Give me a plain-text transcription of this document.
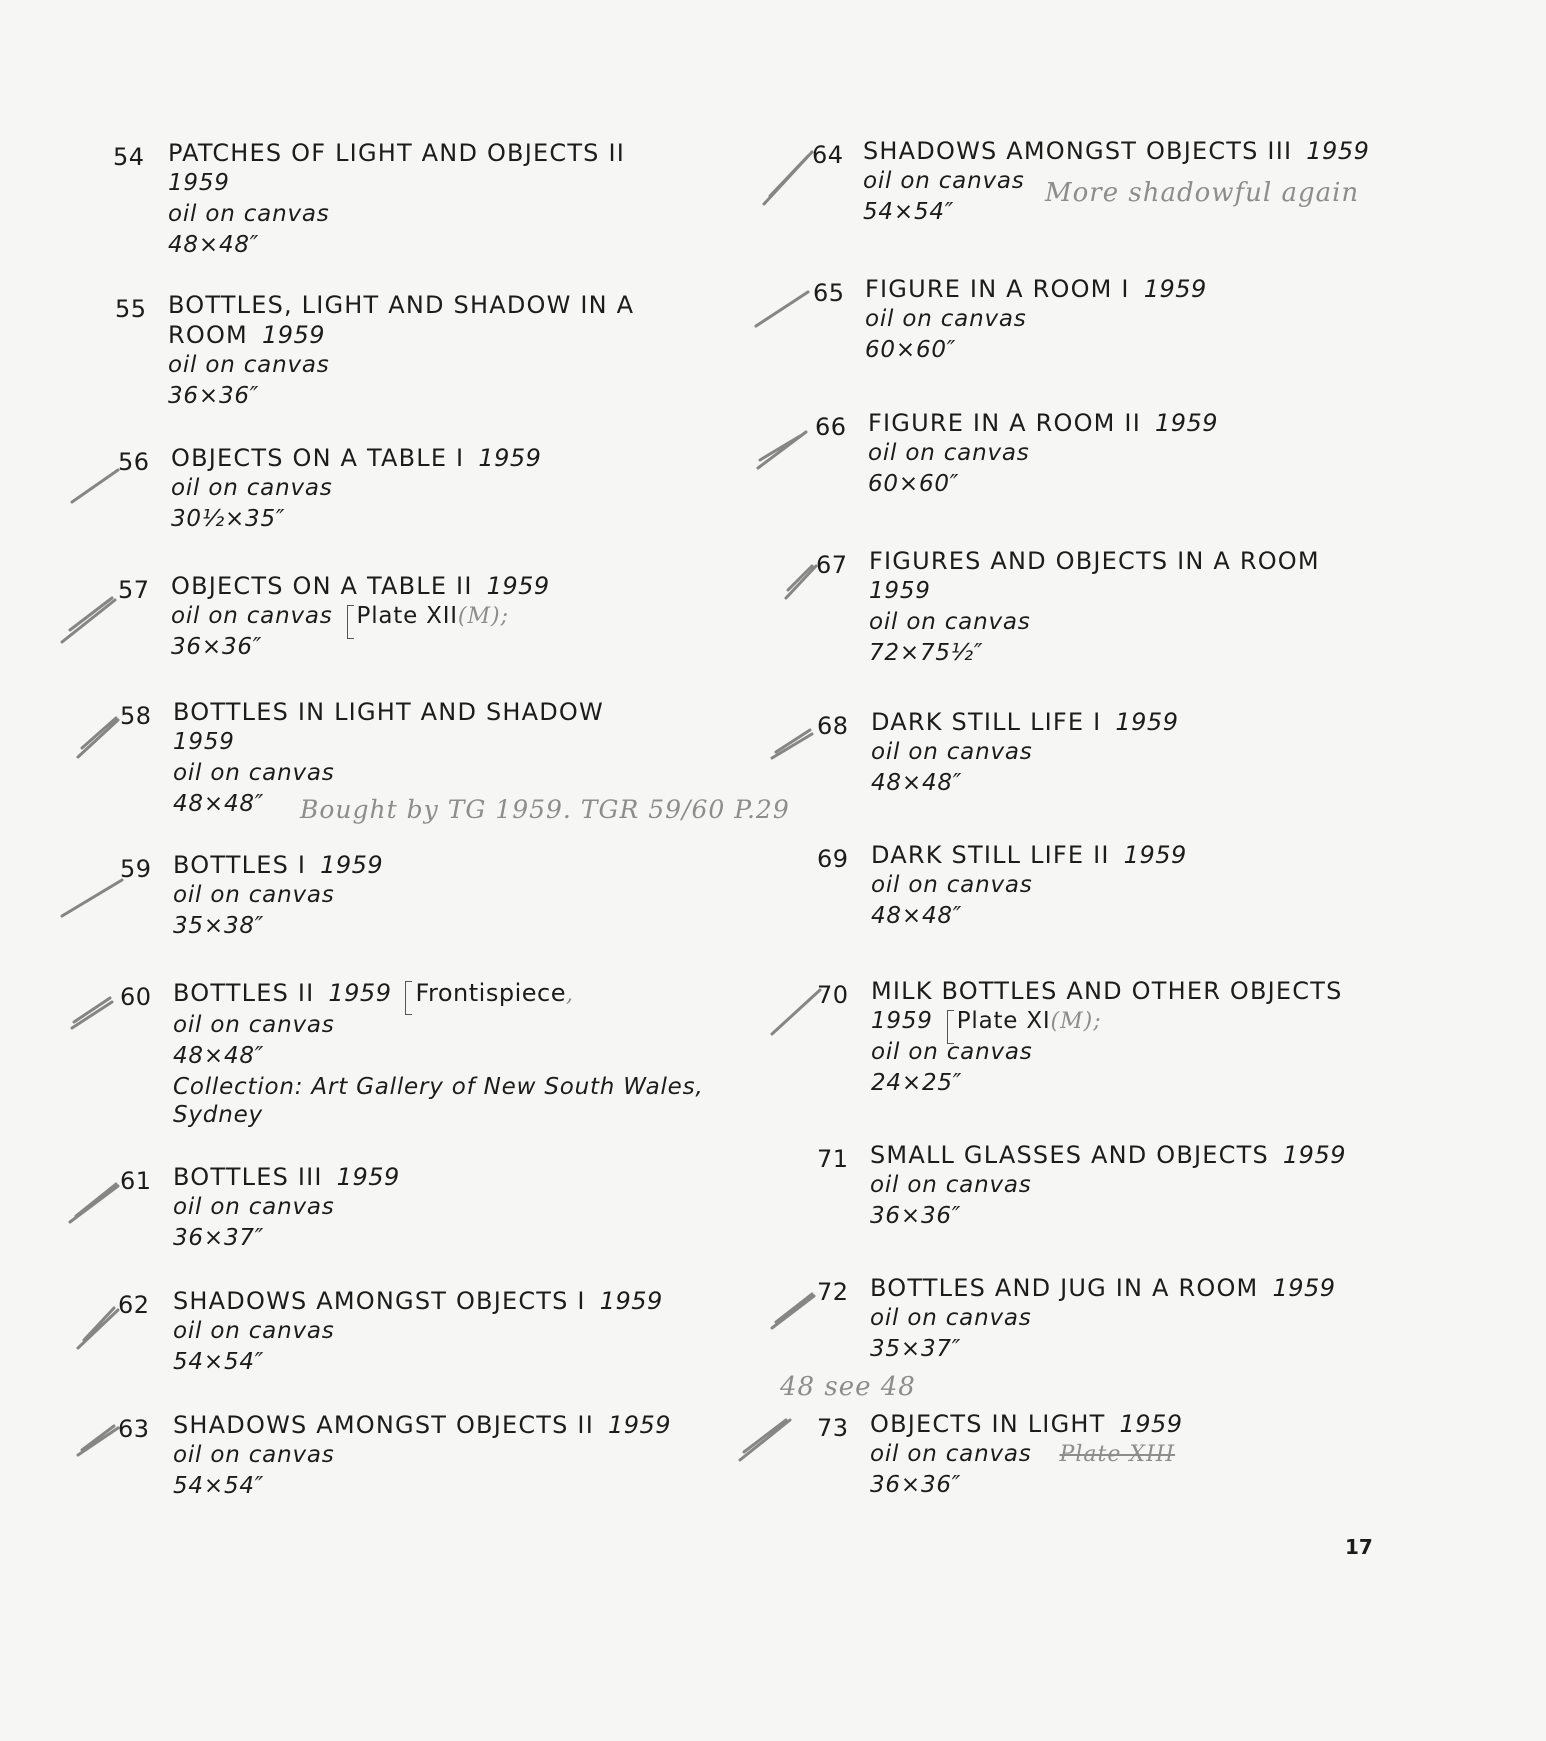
54 PATCHES OF LIGHT AND OBJECTS II
1959
oil on canvas
48×48″
55 BOTTLES, LIGHT AND SHADOW IN A
ROOM 1959
oil on canvas
36×36″
56 OBJECTS ON A TABLE I 1959
oil on canvas
30½×35″
57 OBJECTS ON A TABLE II 1959
oil on canvas Plate XII(M);
36×36″
58 BOTTLES IN LIGHT AND SHADOW
1959
oil on canvas
48×48″	Bought by TG 1959. TGR 59/60 P.29
59 BOTTLES I 1959
oil on canvas
35×38″
60 BOTTLES II 1959 Frontispiece,
oil on canvas
48×48″
Collection: Art Gallery of New South Wales,
Sydney
61 BOTTLES III 1959
oil on canvas
36×37″
62 SHADOWS AMONGST OBJECTS I 1959
oil on canvas
54×54″
63 SHADOWS AMONGST OBJECTS II 1959
oil on canvas
54×54″
64 SHADOWS AMONGST OBJECTS III 1959
oil on canvas
54×54″
More shadowful again
65 FIGURE IN A ROOM I 1959
oil on canvas
60×60″
66 FIGURE IN A ROOM II 1959
oil on canvas
60×60″
67 FIGURES AND OBJECTS IN A ROOM
1959
oil on canvas
72×75½″
68 DARK STILL LIFE I 1959
oil on canvas
48×48″
69 DARK STILL LIFE II 1959
oil on canvas
48×48″
70 MILK BOTTLES AND OTHER OBJECTS
1959 Plate XI(M);
oil on canvas
24×25″
71 SMALL GLASSES AND OBJECTS 1959
oil on canvas
36×36″
72 BOTTLES AND JUG IN A ROOM 1959
oil on canvas
35×37″
48 see 48
73 OBJECTS IN LIGHT 1959
oil on canvas Plate XIII
36×36″
17
